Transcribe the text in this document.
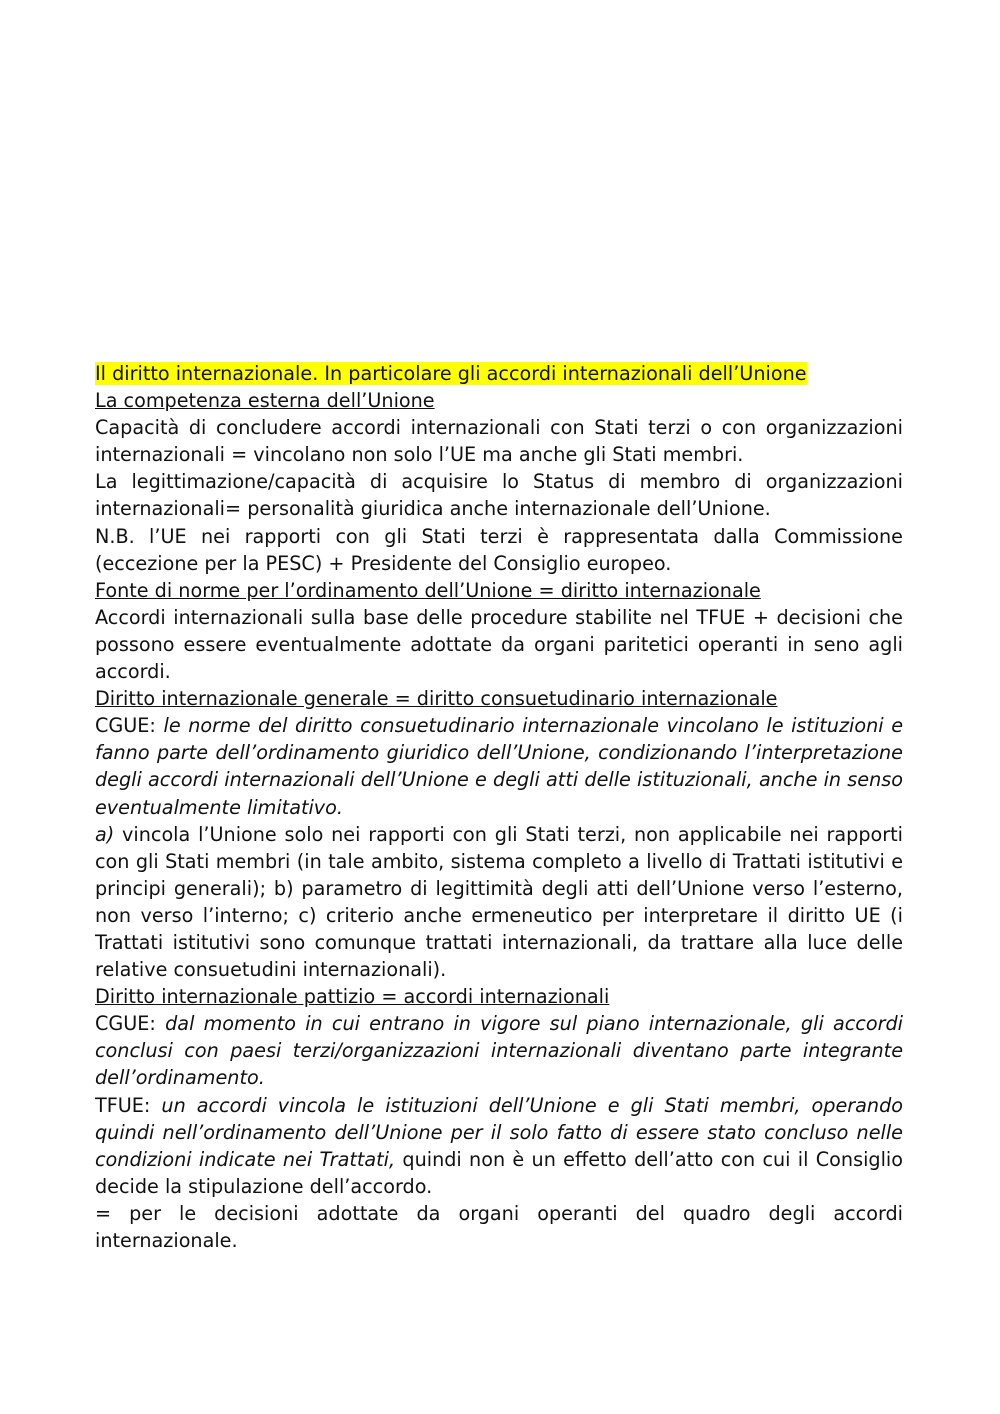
Il diritto internazionale. In particolare gli accordi internazionali dell’Unione

La competenza esterna dell’Unione

Capacità di concludere accordi internazionali con Stati terzi o con organizzazioni internazionali = vincolano non solo l’UE ma anche gli Stati membri.

La legittimazione/capacità di acquisire lo Status di membro di organizzazioni internazionali= personalità giuridica anche internazionale dell’Unione.

N.B. l’UE nei rapporti con gli Stati terzi è rappresentata dalla Commissione (eccezione per la PESC) + Presidente del Consiglio europeo.

Fonte di norme per l’ordinamento dell’Unione = diritto internazionale

Accordi internazionali sulla base delle procedure stabilite nel TFUE + decisioni che possono essere eventualmente adottate da organi paritetici operanti in seno agli accordi.

Diritto internazionale generale = diritto consuetudinario internazionale

CGUE: le norme del diritto consuetudinario internazionale vincolano le istituzioni e fanno parte dell’ordinamento giuridico dell’Unione, condizionando l’interpretazione degli accordi internazionali dell’Unione e degli atti delle istituzionali, anche in senso eventualmente limitativo.

a) vincola l’Unione solo nei rapporti con gli Stati terzi, non applicabile nei rapporti con gli Stati membri (in tale ambito, sistema completo a livello di Trattati istitutivi e principi generali); b) parametro di legittimità degli atti dell’Unione verso l’esterno, non verso l’interno; c) criterio anche ermeneutico per interpretare il diritto UE (i Trattati istitutivi sono comunque trattati internazionali, da trattare alla luce delle relative consuetudini internazionali).

Diritto internazionale pattizio = accordi internazionali

CGUE: dal momento in cui entrano in vigore sul piano internazionale, gli accordi conclusi con paesi terzi/organizzazioni internazionali diventano parte integrante dell’ordinamento.

TFUE: un accordi vincola le istituzioni dell’Unione e gli Stati membri, operando quindi nell’ordinamento dell’Unione per il solo fatto di essere stato concluso nelle condizioni indicate nei Trattati, quindi non è un effetto dell’atto con cui il Consiglio decide la stipulazione dell’accordo.

= per le decisioni adottate da organi operanti del quadro degli accordi internazionale.
